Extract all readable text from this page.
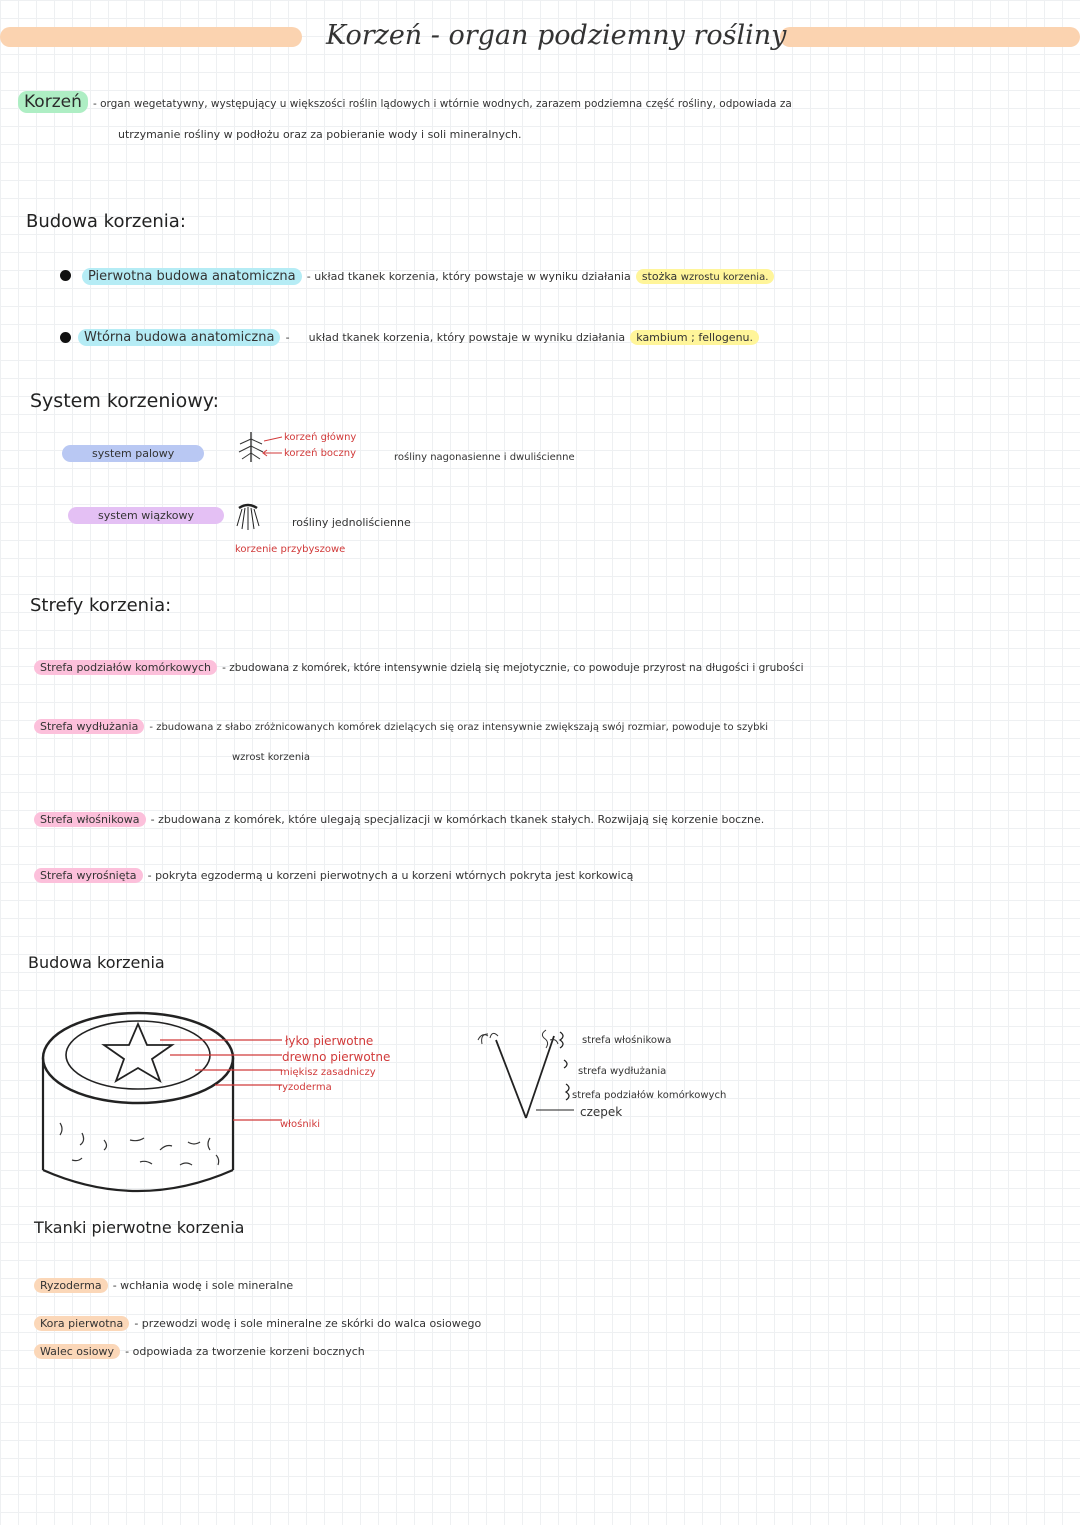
Korzeń - organ podziemny rośliny
Korzeń - organ wegetatywny, występujący u większości roślin lądowych i wtórnie wodnych, zarazem podziemna część rośliny, odpowiada za
utrzymanie rośliny w podłożu oraz za pobieranie wody i soli mineralnych.
Budowa korzenia:
Pierwotna budowa anatomiczna - układ tkanek korzenia, który powstaje w wyniku działania stożka wzrostu korzenia.
Wtórna budowa anatomiczna - układ tkanek korzenia, który powstaje w wyniku działania kambium ; fellogenu.
System korzeniowy:
system palowy
korzeń główny
korzeń boczny	rośliny nagonasienne i dwuliścienne
system wiązkowy
rośliny jednoliścienne
korzenie przybyszowe
Strefy korzenia:
Strefa podziałów komórkowych - zbudowana z komórek, które intensywnie dzielą się mejotycznie, co powoduje przyrost na długości i grubości
Strefa wydłużania - zbudowana z słabo zróżnicowanych komórek dzielących się oraz intensywnie zwiększają swój rozmiar, powoduje to szybki
wzrost korzenia
Strefa włośnikowa - zbudowana z komórek, które ulegają specjalizacji w komórkach tkanek stałych. Rozwijają się korzenie boczne.
Strefa wyrośnięta - pokryta egzodermą u korzeni pierwotnych a u korzeni wtórnych pokryta jest korkowicą
Budowa korzenia
łyko pierwotne
drewno pierwotne
miękisz zasadniczy
ryzoderma
włośniki
strefa włośnikowa
strefa wydłużania
strefa podziałów komórkowych
czepek
Tkanki pierwotne korzenia
Ryzoderma - wchłania wodę i sole mineralne
Kora pierwotna - przewodzi wodę i sole mineralne ze skórki do walca osiowego
Walec osiowy - odpowiada za tworzenie korzeni bocznych
